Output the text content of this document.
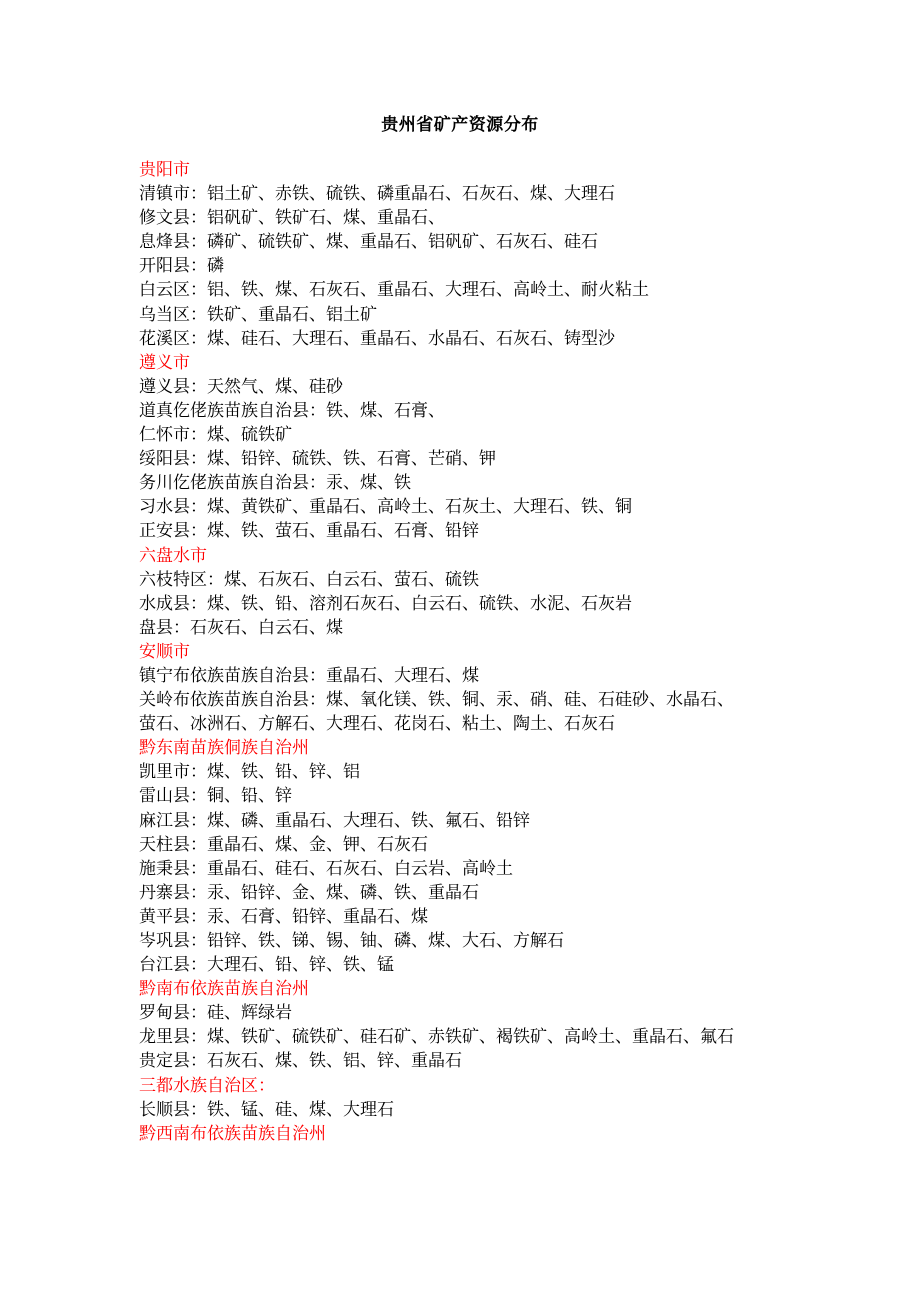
贵州省矿产资源分布
贵阳市
清镇市：铝土矿、赤铁、硫铁、磷重晶石、石灰石、煤、大理石
修文县：铝矾矿、铁矿石、煤、重晶石、
息烽县：磷矿、硫铁矿、煤、重晶石、铝矾矿、石灰石、硅石
开阳县：磷
白云区：铝、铁、煤、石灰石、重晶石、大理石、高岭土、耐火粘土
乌当区：铁矿、重晶石、铝土矿
花溪区：煤、硅石、大理石、重晶石、水晶石、石灰石、铸型沙
遵义市
遵义县：天然气、煤、硅砂
道真仡佬族苗族自治县：铁、煤、石膏、
仁怀市：煤、硫铁矿
绥阳县：煤、铅锌、硫铁、铁、石膏、芒硝、钾
务川仡佬族苗族自治县：汞、煤、铁
习水县：煤、黄铁矿、重晶石、高岭土、石灰土、大理石、铁、铜
正安县：煤、铁、萤石、重晶石、石膏、铅锌
六盘水市
六枝特区：煤、石灰石、白云石、萤石、硫铁
水成县：煤、铁、铅、溶剂石灰石、白云石、硫铁、水泥、石灰岩
盘县：石灰石、白云石、煤
安顺市
镇宁布依族苗族自治县：重晶石、大理石、煤
关岭布依族苗族自治县：煤、氧化镁、铁、铜、汞、硝、硅、石硅砂、水晶石、
萤石、冰洲石、方解石、大理石、花岗石、粘土、陶土、石灰石
黔东南苗族侗族自治州
凯里市：煤、铁、铅、锌、铝
雷山县：铜、铅、锌
麻江县：煤、磷、重晶石、大理石、铁、氟石、铅锌
天柱县：重晶石、煤、金、钾、石灰石
施秉县：重晶石、硅石、石灰石、白云岩、高岭土
丹寨县：汞、铅锌、金、煤、磷、铁、重晶石
黄平县：汞、石膏、铅锌、重晶石、煤
岑巩县：铅锌、铁、锑、锡、铀、磷、煤、大石、方解石
台江县：大理石、铅、锌、铁、锰
黔南布依族苗族自治州
罗甸县：硅、辉绿岩
龙里县：煤、铁矿、硫铁矿、硅石矿、赤铁矿、褐铁矿、高岭土、重晶石、氟石
贵定县：石灰石、煤、铁、铝、锌、重晶石
三都水族自治区：
长顺县：铁、锰、硅、煤、大理石
黔西南布依族苗族自治州
